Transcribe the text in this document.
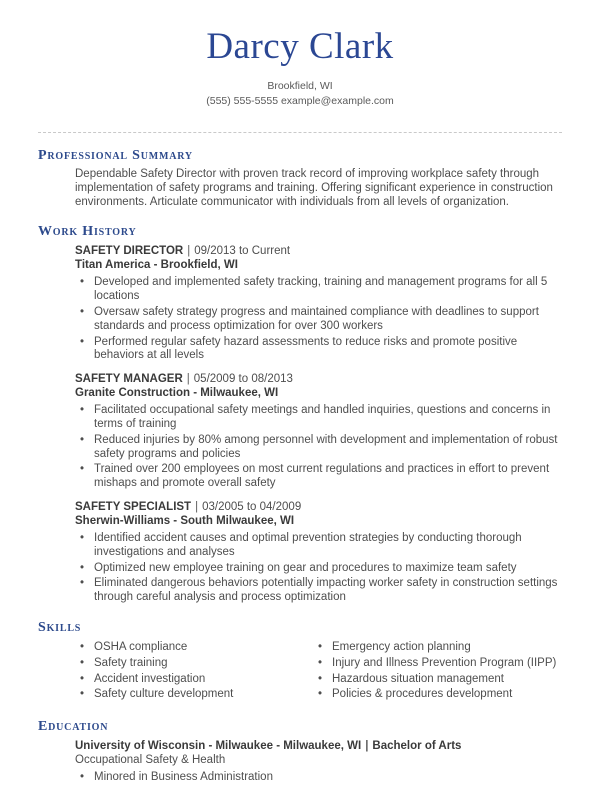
Darcy Clark
Brookfield, WI
(555) 555-5555 example@example.com
Professional Summary
Dependable Safety Director with proven track record of improving workplace safety through implementation of safety programs and training. Offering significant experience in construction environments. Articulate communicator with individuals from all levels of organization.
Work History
SAFETY DIRECTOR | 09/2013 to Current
Titan America - Brookfield, WI
• Developed and implemented safety tracking, training and management programs for all 5 locations
• Oversaw safety strategy progress and maintained compliance with deadlines to support standards and process optimization for over 300 workers
• Performed regular safety hazard assessments to reduce risks and promote positive behaviors at all levels
SAFETY MANAGER | 05/2009 to 08/2013
Granite Construction - Milwaukee, WI
• Facilitated occupational safety meetings and handled inquiries, questions and concerns in terms of training
• Reduced injuries by 80% among personnel with development and implementation of robust safety programs and policies
• Trained over 200 employees on most current regulations and practices in effort to prevent mishaps and promote overall safety
SAFETY SPECIALIST | 03/2005 to 04/2009
Sherwin-Williams - South Milwaukee, WI
• Identified accident causes and optimal prevention strategies by conducting thorough investigations and analyses
• Optimized new employee training on gear and procedures to maximize team safety
• Eliminated dangerous behaviors potentially impacting worker safety in construction settings through careful analysis and process optimization
Skills
• OSHA compliance
• Safety training
• Accident investigation
• Safety culture development
• Emergency action planning
• Injury and Illness Prevention Program (IIPP)
• Hazardous situation management
• Policies & procedures development
Education
University of Wisconsin - Milwaukee - Milwaukee, WI | Bachelor of Arts
Occupational Safety & Health
• Minored in Business Administration
